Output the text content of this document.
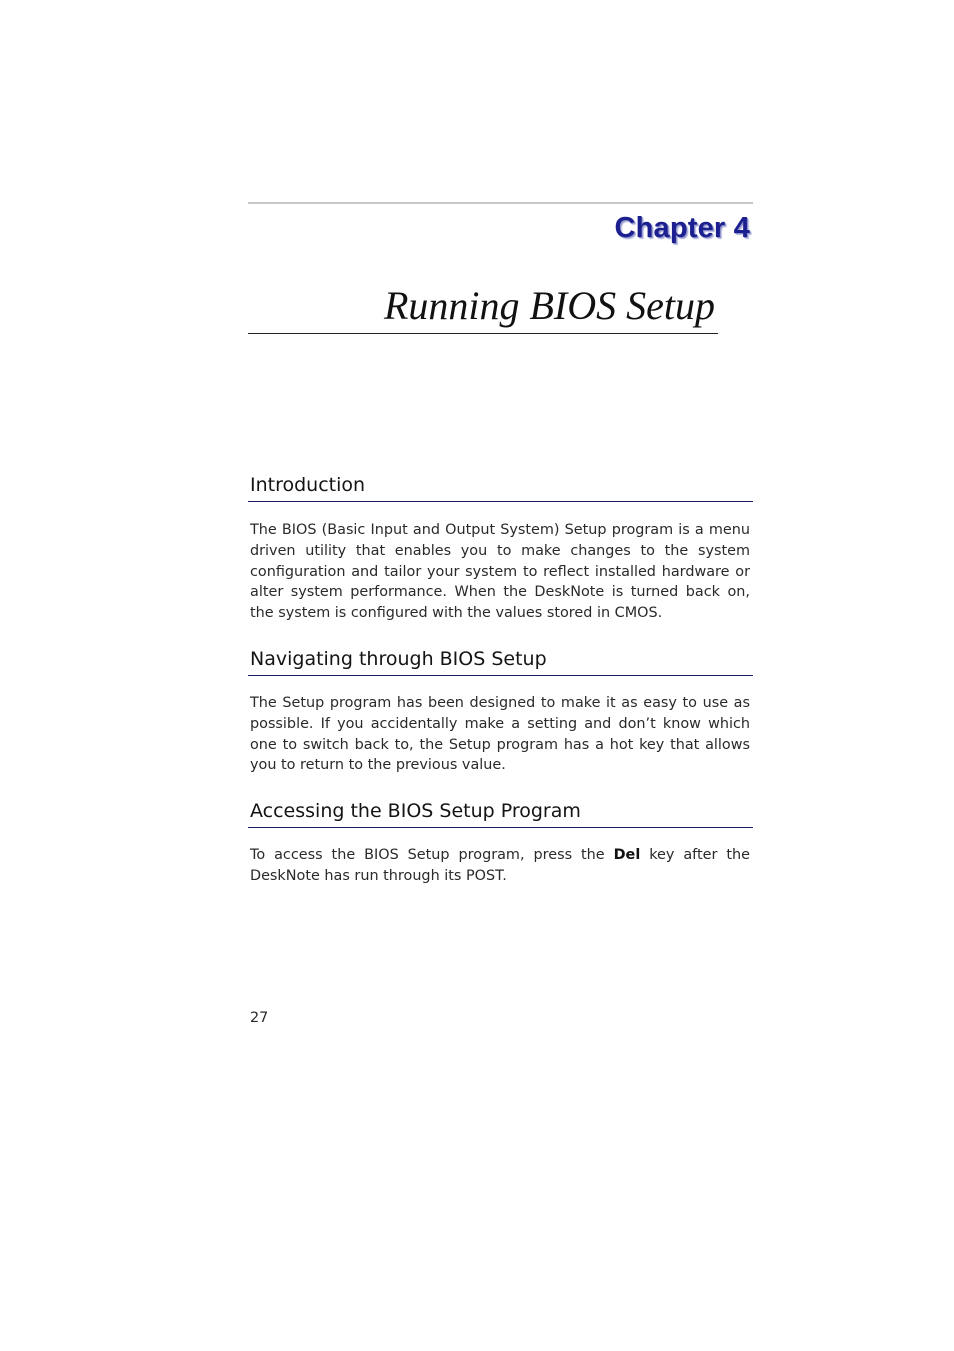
Chapter 4
Running BIOS Setup
Introduction

The BIOS (Basic Input and Output System) Setup program is a menu driven utility that enables you to make changes to the system configuration and tailor your system to reflect installed hardware or alter system performance. When the DeskNote is turned back on, the system is configured with the values stored in CMOS.

Navigating through BIOS Setup

The Setup program has been designed to make it as easy to use as possible. If you accidentally make a setting and don’t know which one to switch back to, the Setup program has a hot key that allows you to return to the previous value.

Accessing the BIOS Setup Program

To access the BIOS Setup program, press the Del key after the DeskNote has run through its POST.

27
